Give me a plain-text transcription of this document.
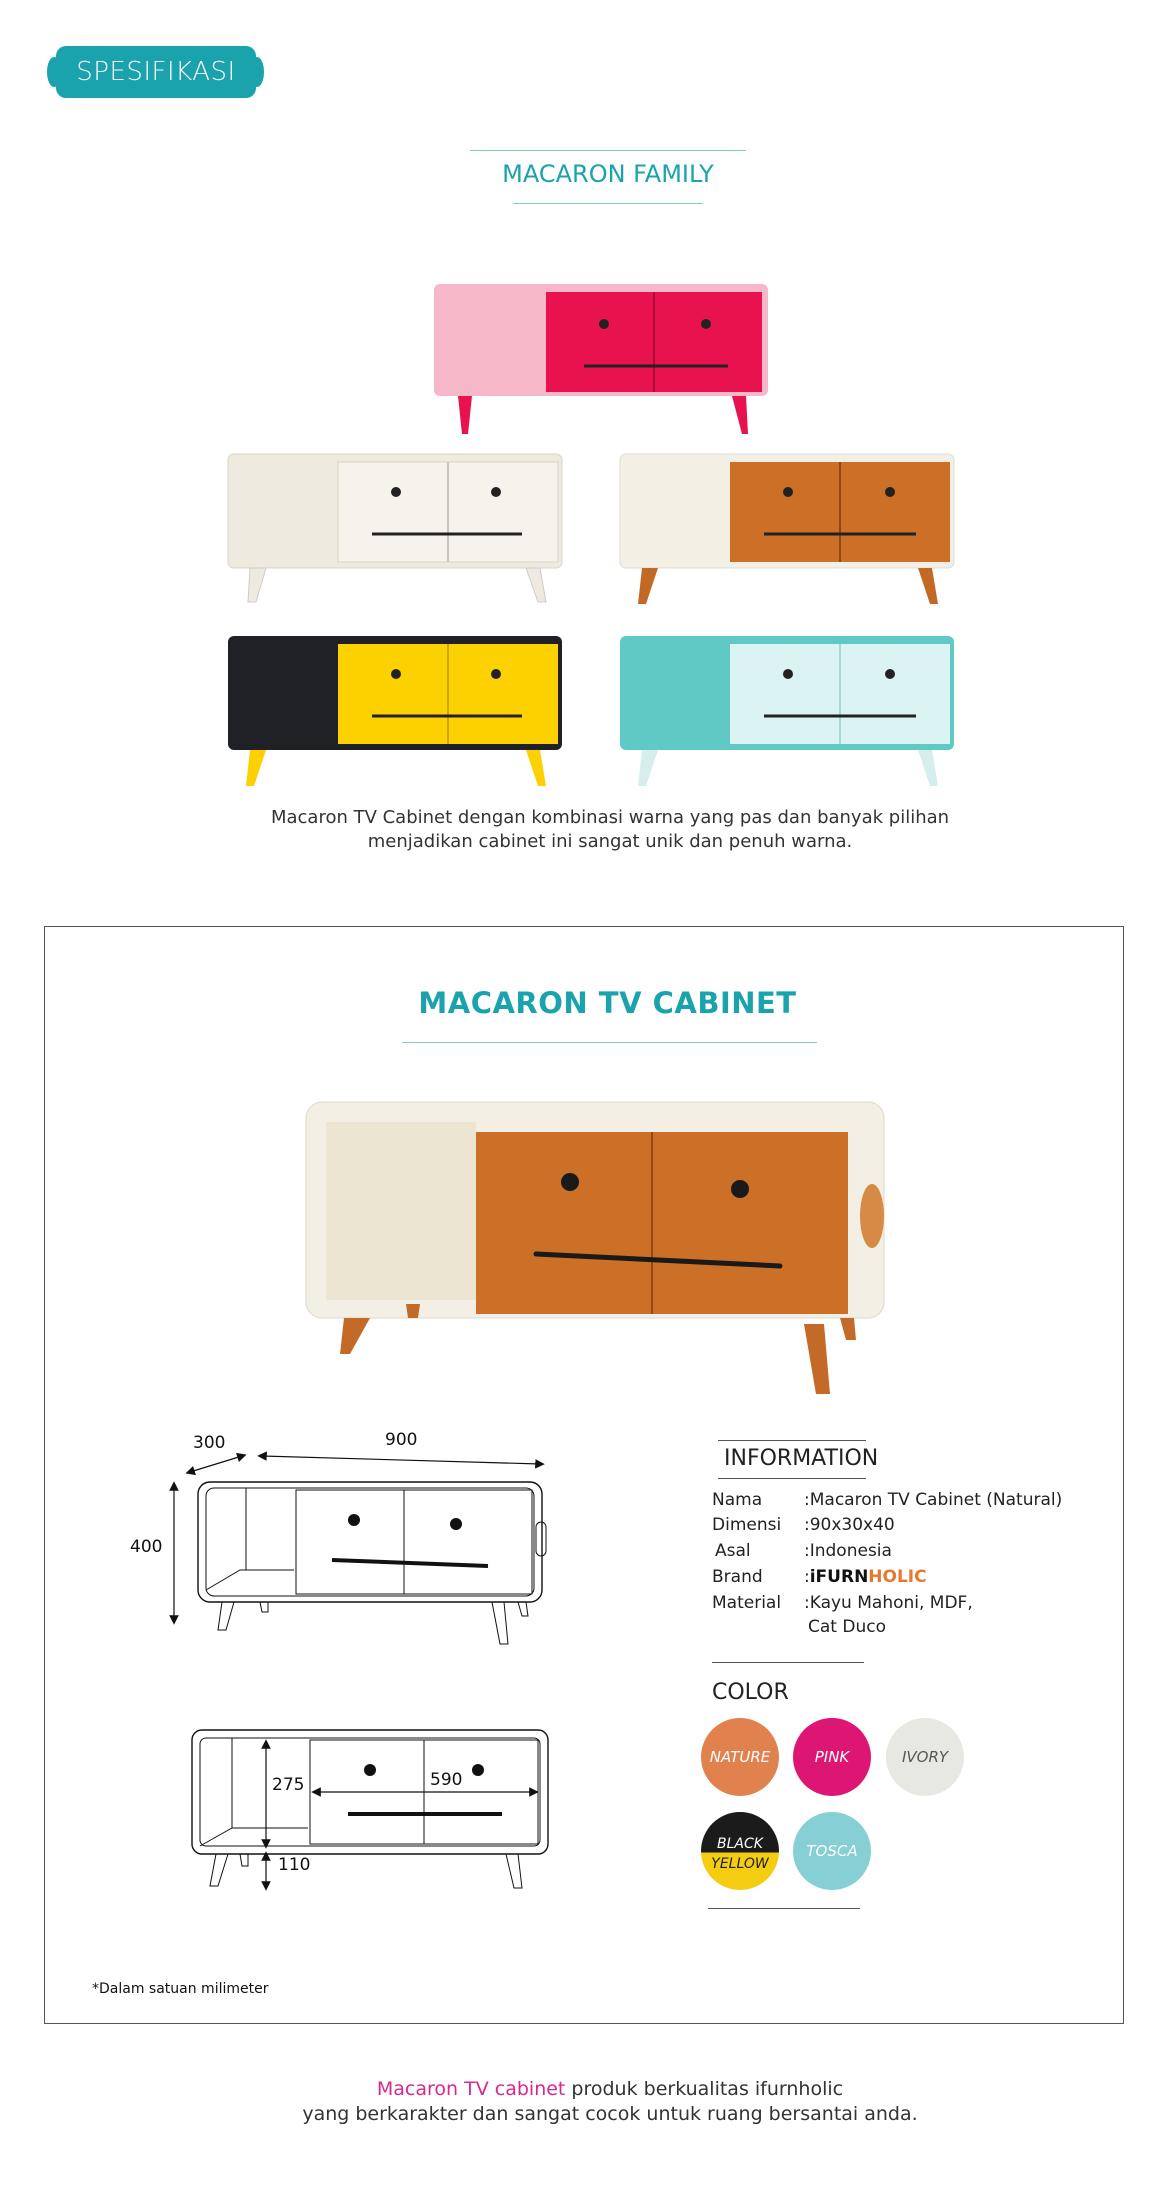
SPESIFIKASI
MACARON FAMILY
Macaron TV Cabinet dengan kombinasi warna yang pas dan banyak pilihan
menjadikan cabinet ini sangat unik dan penuh warna.
MACARON TV CABINET
300	900
400
275	590
110
INFORMATION
Nama :Macaron TV Cabinet (Natural)
Dimensi :90x30x40
Asal	:Indonesia
Brand :iFURNHOLIC
Material :Kayu Mahoni, MDF,
Cat Duco
COLOR
NATURE	PINK	IVORY
BLACK
YELLOW
TOSCA
*Dalam satuan milimeter
Macaron TV cabinet produk berkualitas ifurnholic
yang berkarakter dan sangat cocok untuk ruang bersantai anda.
